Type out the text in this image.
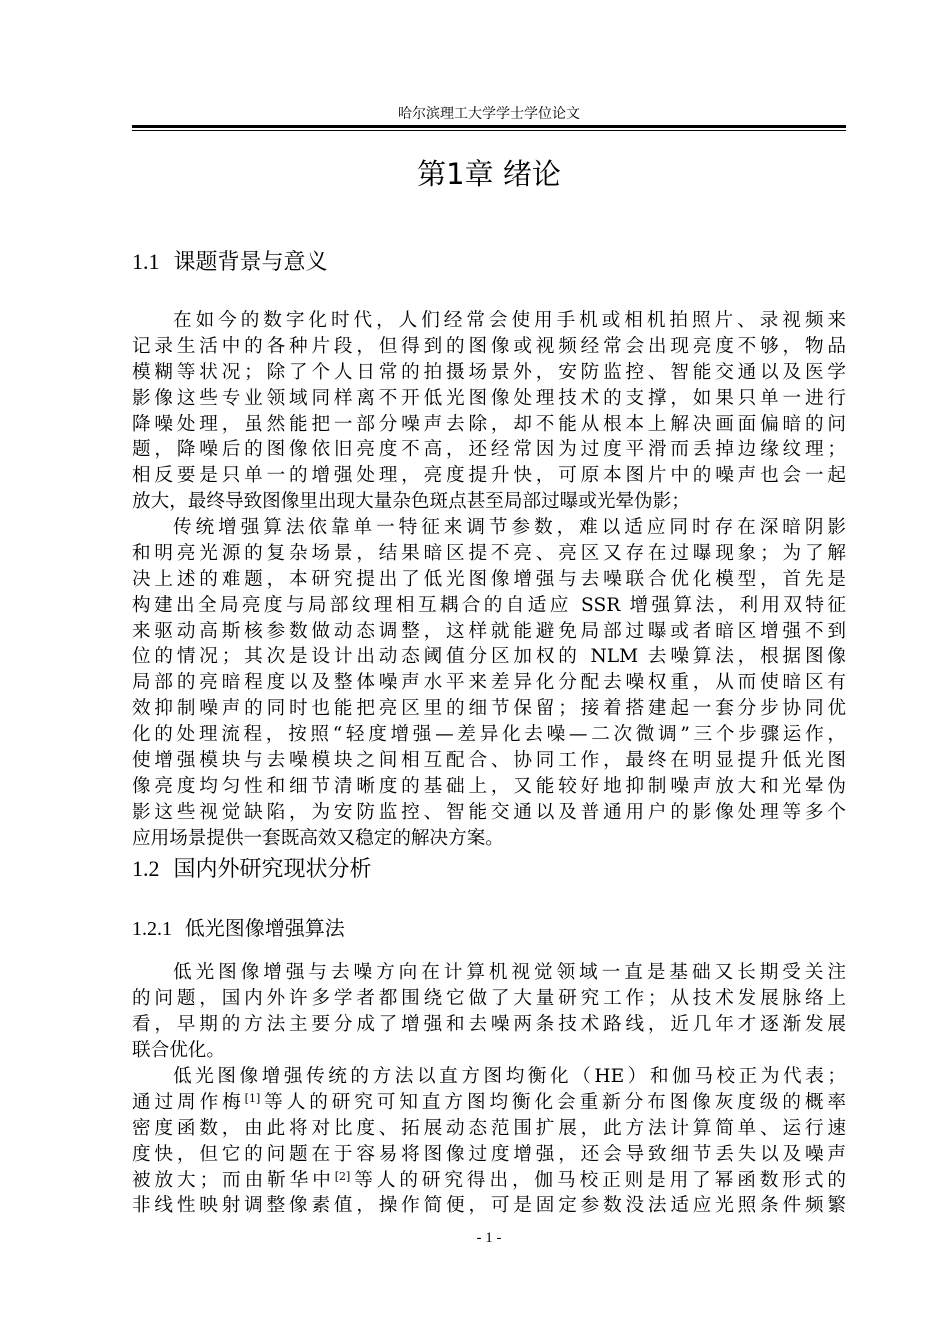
哈尔滨理工大学学士学位论文
第1章 绪论
1.1 课题背景与意义
在如今的数字化时代，人们经常会使用手机或相机拍照片、录视频来
记录生活中的各种片段，但得到的图像或视频经常会出现亮度不够，物品
模糊等状况；除了个人日常的拍摄场景外，安防监控、智能交通以及医学
影像这些专业领域同样离不开低光图像处理技术的支撑，如果只单一进行
降噪处理，虽然能把一部分噪声去除，却不能从根本上解决画面偏暗的问
题，降噪后的图像依旧亮度不高，还经常因为过度平滑而丢掉边缘纹理；
相反要是只单一的增强处理，亮度提升快，可原本图片中的噪声也会一起
放大，最终导致图像里出现大量杂色斑点甚至局部过曝或光晕伪影；
传统增强算法依靠单一特征来调节参数，难以适应同时存在深暗阴影
和明亮光源的复杂场景，结果暗区提不亮、亮区又存在过曝现象；为了解
决上述的难题，本研究提出了低光图像增强与去噪联合优化模型，首先是
构建出全局亮度与局部纹理相互耦合的自适应 SSR 增强算法，利用双特征
来驱动高斯核参数做动态调整，这样就能避免局部过曝或者暗区增强不到
位的情况；其次是设计出动态阈值分区加权的 NLM 去噪算法，根据图像
局部的亮暗程度以及整体噪声水平来差异化分配去噪权重，从而使暗区有
效抑制噪声的同时也能把亮区里的细节保留；接着搭建起一套分步协同优
化的处理流程，按照“轻度增强—差异化去噪—二次微调”三个步骤运作，
使增强模块与去噪模块之间相互配合、协同工作，最终在明显提升低光图
像亮度均匀性和细节清晰度的基础上，又能较好地抑制噪声放大和光晕伪
影这些视觉缺陷，为安防监控、智能交通以及普通用户的影像处理等多个
应用场景提供一套既高效又稳定的解决方案。
1.2 国内外研究现状分析
1.2.1 低光图像增强算法
低光图像增强与去噪方向在计算机视觉领域一直是基础又长期受关注
的问题，国内外许多学者都围绕它做了大量研究工作；从技术发展脉络上
看，早期的方法主要分成了增强和去噪两条技术路线，近几年才逐渐发展
联合优化。
低光图像增强传统的方法以直方图均衡化（HE）和伽马校正为代表；
通过周作梅[1]等人的研究可知直方图均衡化会重新分布图像灰度级的概率
密度函数，由此将对比度、拓展动态范围扩展，此方法计算简单、运行速
度快，但它的问题在于容易将图像过度增强，还会导致细节丢失以及噪声
被放大；而由靳华中[2]等人的研究得出，伽马校正则是用了幂函数形式的
非线性映射调整像素值，操作简便，可是固定参数没法适应光照条件频繁
- 1 -
